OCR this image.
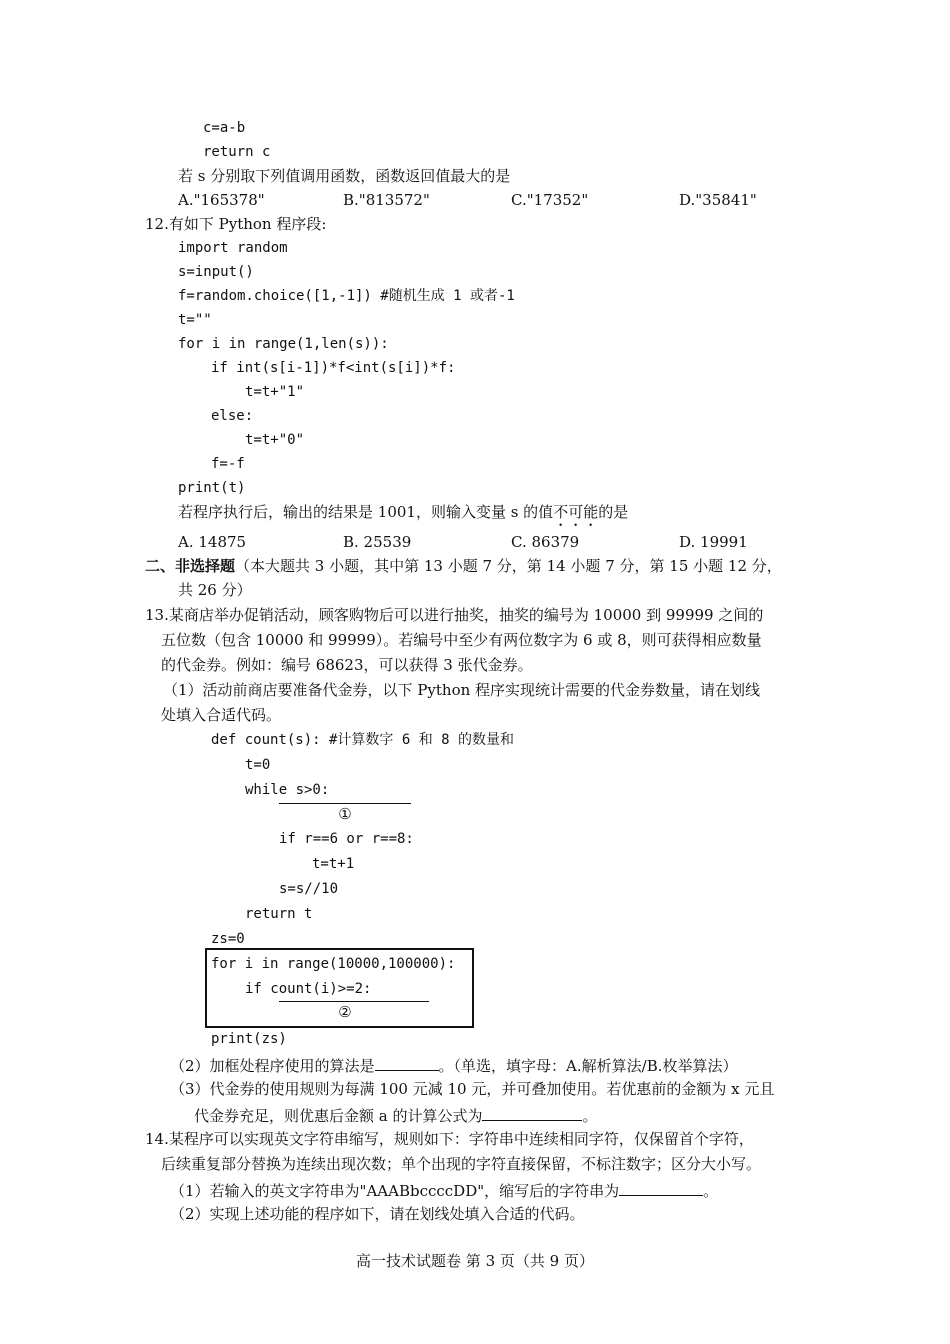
c=a-b
return c
若 s 分别取下列值调用函数，函数返回值最大的是
A."165378"	B."813572"	C."17352"	D."35841"
12.有如下 Python 程序段:
import random
s=input()
f=random.choice([1,-1]) #随机生成 1 或者-1
t=""
for i in range(1,len(s)):
if int(s[i-1])*f<int(s[i])*f:
t=t+"1"
else:
t=t+"0"
f=-f
print(t)
若程序执行后，输出的结果是 1001，则输入变量 s 的值不可能的是
A. 14875	B. 25539	C. 86379	D. 19991
二、非选择题（本大题共 3 小题，其中第 13 小题 7 分，第 14 小题 7 分，第 15 小题 12 分，
共 26 分）
13.某商店举办促销活动，顾客购物后可以进行抽奖，抽奖的编号为 10000 到 99999 之间的
五位数（包含 10000 和 99999）。若编号中至少有两位数字为 6 或 8，则可获得相应数量
的代金券。例如：编号 68623，可以获得 3 张代金券。
（1）活动前商店要准备代金券，以下 Python 程序实现统计需要的代金券数量，请在划线
处填入合适代码。
def count(s): #计算数字 6 和 8 的数量和
t=0
while s>0:
①
if r==6 or r==8:
t=t+1
s=s//10
return t
zs=0
for i in range(10000,100000):
if count(i)>=2:
②
print(zs)
（2）加框处程序使用的算法是	。（单选，填字母：A.解析算法/B.枚举算法）
（3）代金券的使用规则为每满 100 元减 10 元，并可叠加使用。若优惠前的金额为 x 元且
代金券充足，则优惠后金额 a 的计算公式为	。
14.某程序可以实现英文字符串缩写，规则如下：字符串中连续相同字符，仅保留首个字符，
后续重复部分替换为连续出现次数；单个出现的字符直接保留，不标注数字；区分大小写。
（1）若输入的英文字符串为"AAABbccccDD"，缩写后的字符串为	。
（2）实现上述功能的程序如下，请在划线处填入合适的代码。
高一技术试题卷 第 3 页（共 9 页）
